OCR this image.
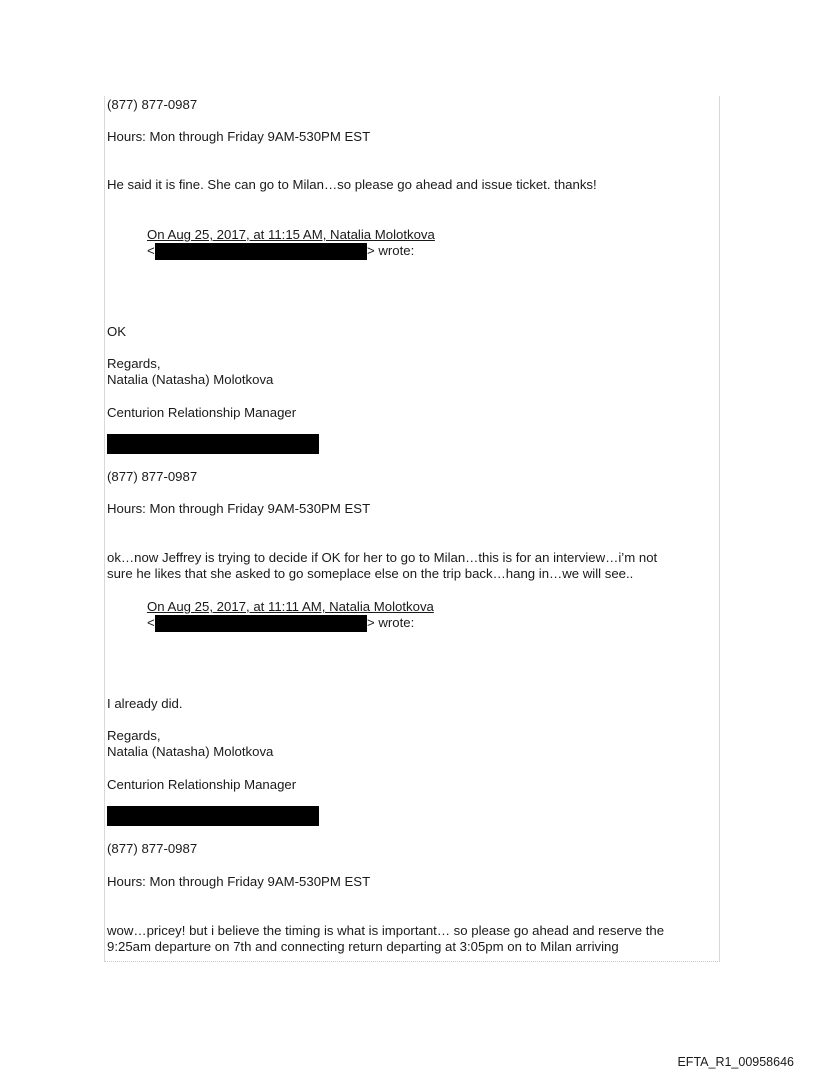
(877) 877-0987

Hours: Mon through Friday 9AM-530PM EST

He said it is fine. She can go to Milan…so please go ahead and issue ticket. thanks!

On Aug 25, 2017, at 11:15 AM, Natalia Molotkova

<	> wrote:

OK

Regards,

Natalia (Natasha) Molotkova

Centurion Relationship Manager

(877) 877-0987

Hours: Mon through Friday 9AM-530PM EST

ok…now Jeffrey is trying to decide if OK for her to go to Milan…this is for an interview…i’m not

sure he likes that she asked to go someplace else on the trip back…hang in…we will see..

On Aug 25, 2017, at 11:11 AM, Natalia Molotkova

<	> wrote:

I already did.

Regards,

Natalia (Natasha) Molotkova

Centurion Relationship Manager

(877) 877-0987

Hours: Mon through Friday 9AM-530PM EST

wow…pricey! but i believe the timing is what is important… so please go ahead and reserve the

9:25am departure on 7th and connecting return departing at 3:05pm on to Milan arriving

EFTA_R1_00958646
